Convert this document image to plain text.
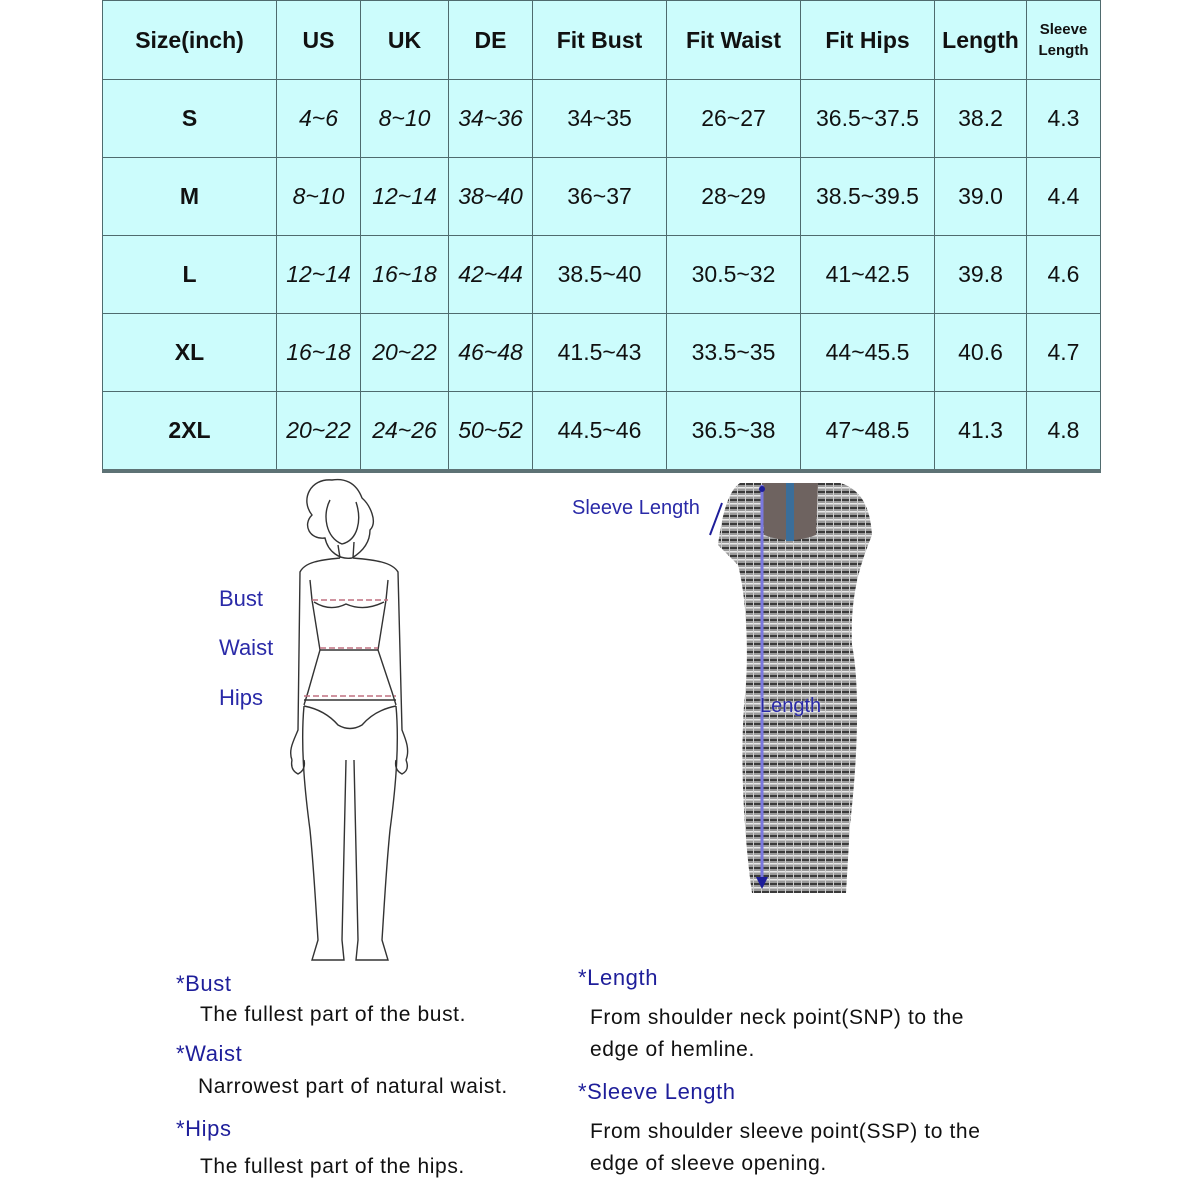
Size(inch)	US	UK	DE	Fit Bust	Fit Waist	Fit Hips	Length	Sleeve
Length
S	4~6	8~10	34~36	34~35	26~27	36.5~37.5	38.2	4.3
M	8~10	12~14	38~40	36~37	28~29	38.5~39.5	39.0	4.4
L	12~14	16~18	42~44	38.5~40	30.5~32	41~42.5	39.8	4.6
XL	16~18	20~22	46~48	41.5~43	33.5~35	44~45.5	40.6	4.7
2XL	20~22	24~26	50~52	44.5~46	36.5~38	47~48.5	41.3	4.8
Bust
Waist
Hips
Sleeve Length
Length
*Bust
The fullest part of the bust.
*Waist
Narrowest part of natural waist.
*Hips
The fullest part of the hips.
*Length
From shoulder neck point(SNP) to the
edge of hemline.
*Sleeve Length
From shoulder sleeve point(SSP) to the
edge of sleeve opening.
